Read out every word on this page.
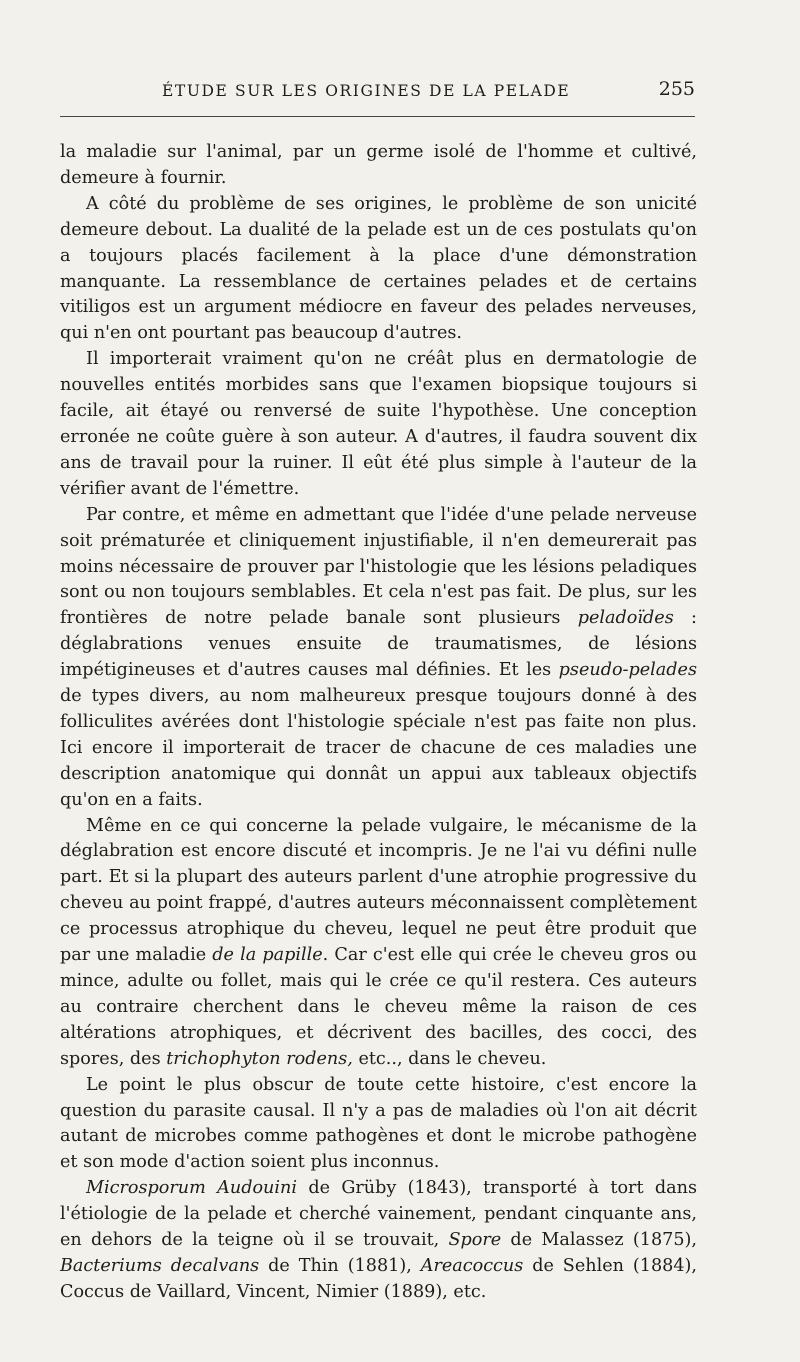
ÉTUDE SUR LES ORIGINES DE LA PELADE	255

la maladie sur l'animal, par un germe isolé de l'homme et cultivé, demeure à fournir.

A côté du problème de ses origines, le problème de son unicité demeure debout. La dualité de la pelade est un de ces postulats qu'on a toujours placés facilement à la place d'une démonstration manquante. La ressemblance de certaines pelades et de certains vitiligos est un argument médiocre en faveur des pelades nerveuses, qui n'en ont pourtant pas beaucoup d'autres.

Il importerait vraiment qu'on ne créât plus en dermatologie de nouvelles entités morbides sans que l'examen biopsique toujours si facile, ait étayé ou renversé de suite l'hypothèse. Une conception erronée ne coûte guère à son auteur. A d'autres, il faudra souvent dix ans de travail pour la ruiner. Il eût été plus simple à l'auteur de la vérifier avant de l'émettre.

Par contre, et même en admettant que l'idée d'une pelade nerveuse soit prématurée et cliniquement injustifiable, il n'en demeurerait pas moins nécessaire de prouver par l'histologie que les lésions peladiques sont ou non toujours semblables. Et cela n'est pas fait. De plus, sur les frontières de notre pelade banale sont plusieurs peladoïdes : déglabrations venues ensuite de traumatismes, de lésions impétigineuses et d'autres causes mal définies. Et les pseudo-pelades de types divers, au nom malheureux presque toujours donné à des folliculites avérées dont l'histologie spéciale n'est pas faite non plus. Ici encore il importerait de tracer de chacune de ces maladies une description anatomique qui donnât un appui aux tableaux objectifs qu'on en a faits.

Même en ce qui concerne la pelade vulgaire, le mécanisme de la déglabration est encore discuté et incompris. Je ne l'ai vu défini nulle part. Et si la plupart des auteurs parlent d'une atrophie progressive du cheveu au point frappé, d'autres auteurs méconnaissent complètement ce processus atrophique du cheveu, lequel ne peut être produit que par une maladie de la papille. Car c'est elle qui crée le cheveu gros ou mince, adulte ou follet, mais qui le crée ce qu'il restera. Ces auteurs au contraire cherchent dans le cheveu même la raison de ces altérations atrophiques, et décrivent des bacilles, des cocci, des spores, des trichophyton rodens, etc.., dans le cheveu.

Le point le plus obscur de toute cette histoire, c'est encore la question du parasite causal. Il n'y a pas de maladies où l'on ait décrit autant de microbes comme pathogènes et dont le microbe pathogène et son mode d'action soient plus inconnus.

Microsporum Audouini de Grüby (1843), transporté à tort dans l'étiologie de la pelade et cherché vainement, pendant cinquante ans, en dehors de la teigne où il se trouvait, Spore de Malassez (1875), Bacteriums decalvans de Thin (1881), Areacoccus de Sehlen (1884), Coccus de Vaillard, Vincent, Nimier (1889), etc.
